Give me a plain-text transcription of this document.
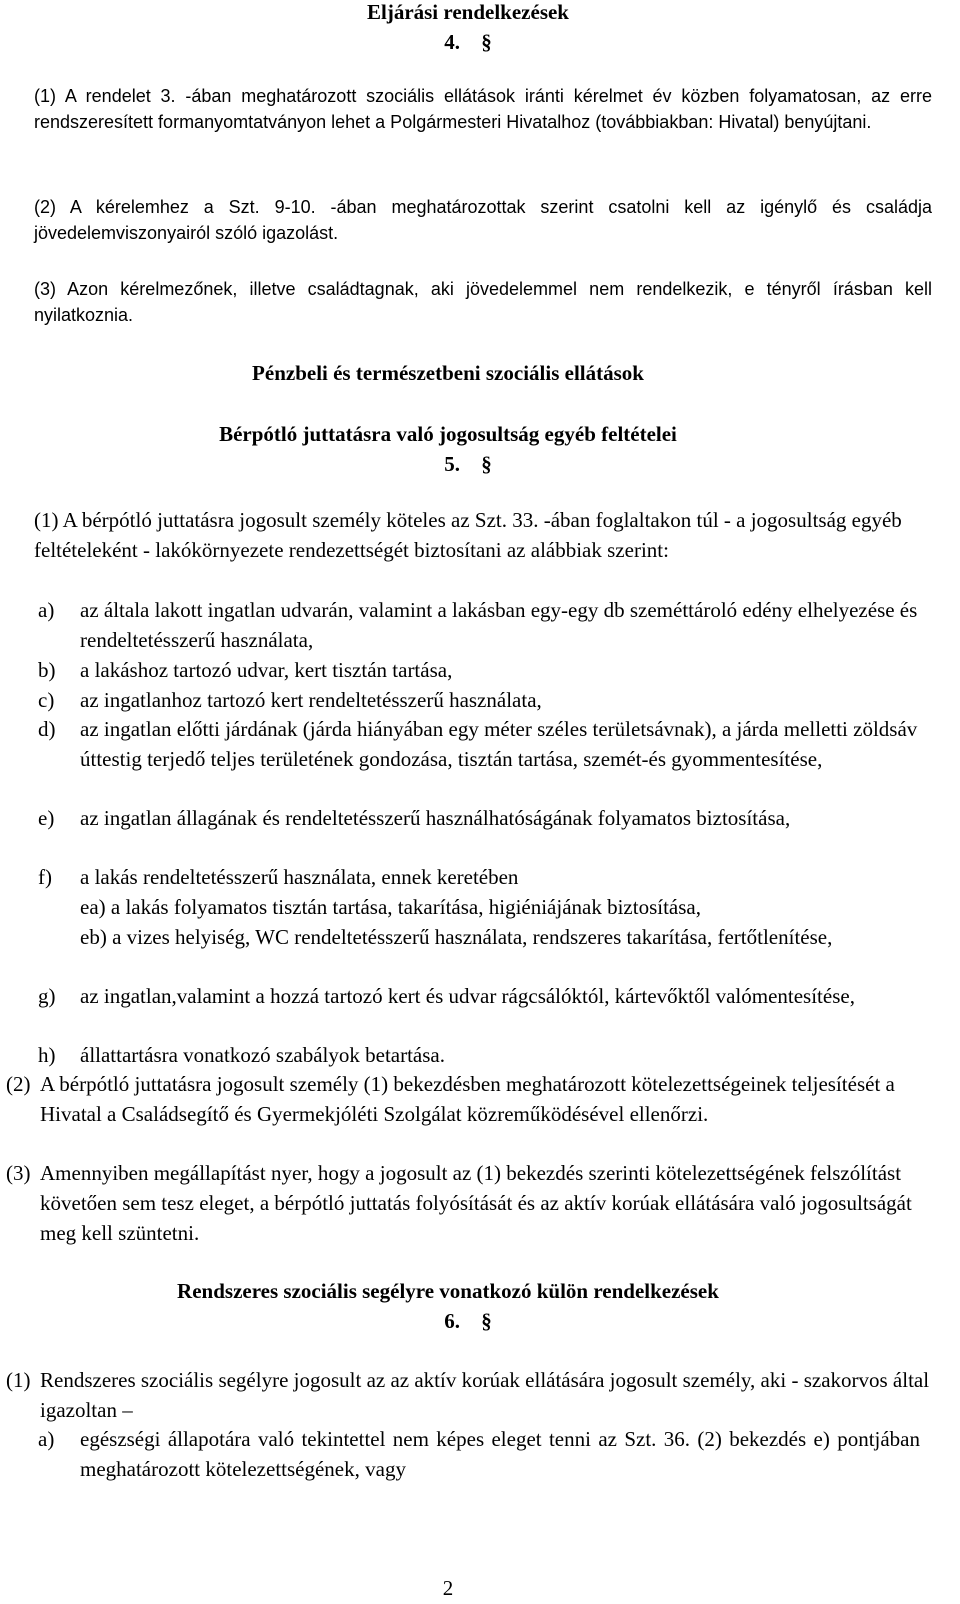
Eljárási rendelkezések
4. §

(1) A rendelet 3. -ában meghatározott szociális ellátások iránti kérelmet év közben folyamatosan, az erre rendszeresített formanyomtatványon lehet a Polgármesteri Hivatalhoz (továbbiakban: Hivatal) benyújtani.

(2) A kérelemhez a Szt. 9-10. -ában meghatározottak szerint csatolni kell az igénylő és családja jövedelemviszonyairól szóló igazolást.

(3) Azon kérelmezőnek, illetve családtagnak, aki jövedelemmel nem rendelkezik, e tényről írásban kell nyilatkoznia.

Pénzbeli és természetbeni szociális ellátások
Bérpótló juttatásra való jogosultság egyéb feltételei
5. §

(1) A bérpótló juttatásra jogosult személy köteles az Szt. 33. -ában foglaltakon túl - a jogosultság egyéb feltételeként - lakókörnyezete rendezettségét biztosítani az alábbiak szerint:

a)	az általa lakott ingatlan udvarán, valamint a lakásban egy-egy db szeméttároló edény elhelyezése és rendeltetésszerű használata,
b)	a lakáshoz tartozó udvar, kert tisztán tartása,
c)	az ingatlanhoz tartozó kert rendeltetésszerű használata,
d)	az ingatlan előtti járdának (járda hiányában egy méter széles területsávnak), a járda melletti zöldsáv úttestig terjedő teljes területének gondozása, tisztán tartása, szemét-és gyommentesítése,
e)	az ingatlan állagának és rendeltetésszerű használhatóságának folyamatos biztosítása,
f)	a lakás rendeltetésszerű használata, ennek keretében
ea) a lakás folyamatos tisztán tartása, takarítása, higiéniájának biztosítása,
eb) a vizes helyiség, WC rendeltetésszerű használata, rendszeres takarítása, fertőtlenítése,
g)	az ingatlan,valamint a hozzá tartozó kert és udvar rágcsálóktól, kártevőktől valómentesítése,
h)	állattartásra vonatkozó szabályok betartása.
(2) A bérpótló juttatásra jogosult személy (1) bekezdésben meghatározott kötelezettségeinek teljesítését a Hivatal a Családsegítő és Gyermekjóléti Szolgálat közreműködésével ellenőrzi.
(3) Amennyiben megállapítást nyer, hogy a jogosult az (1) bekezdés szerinti kötelezettségének felszólítást követően sem tesz eleget, a bérpótló juttatás folyósítását és az aktív korúak ellátására való jogosultságát meg kell szüntetni.
Rendszeres szociális segélyre vonatkozó külön rendelkezések
6. §
(1) Rendszeres szociális segélyre jogosult az az aktív korúak ellátására jogosult személy, aki - szakorvos által igazoltan –
a)	egészségi állapotára való tekintettel nem képes eleget tenni az Szt. 36. (2) bekezdés e) pontjában meghatározott kötelezettségének, vagy
2
